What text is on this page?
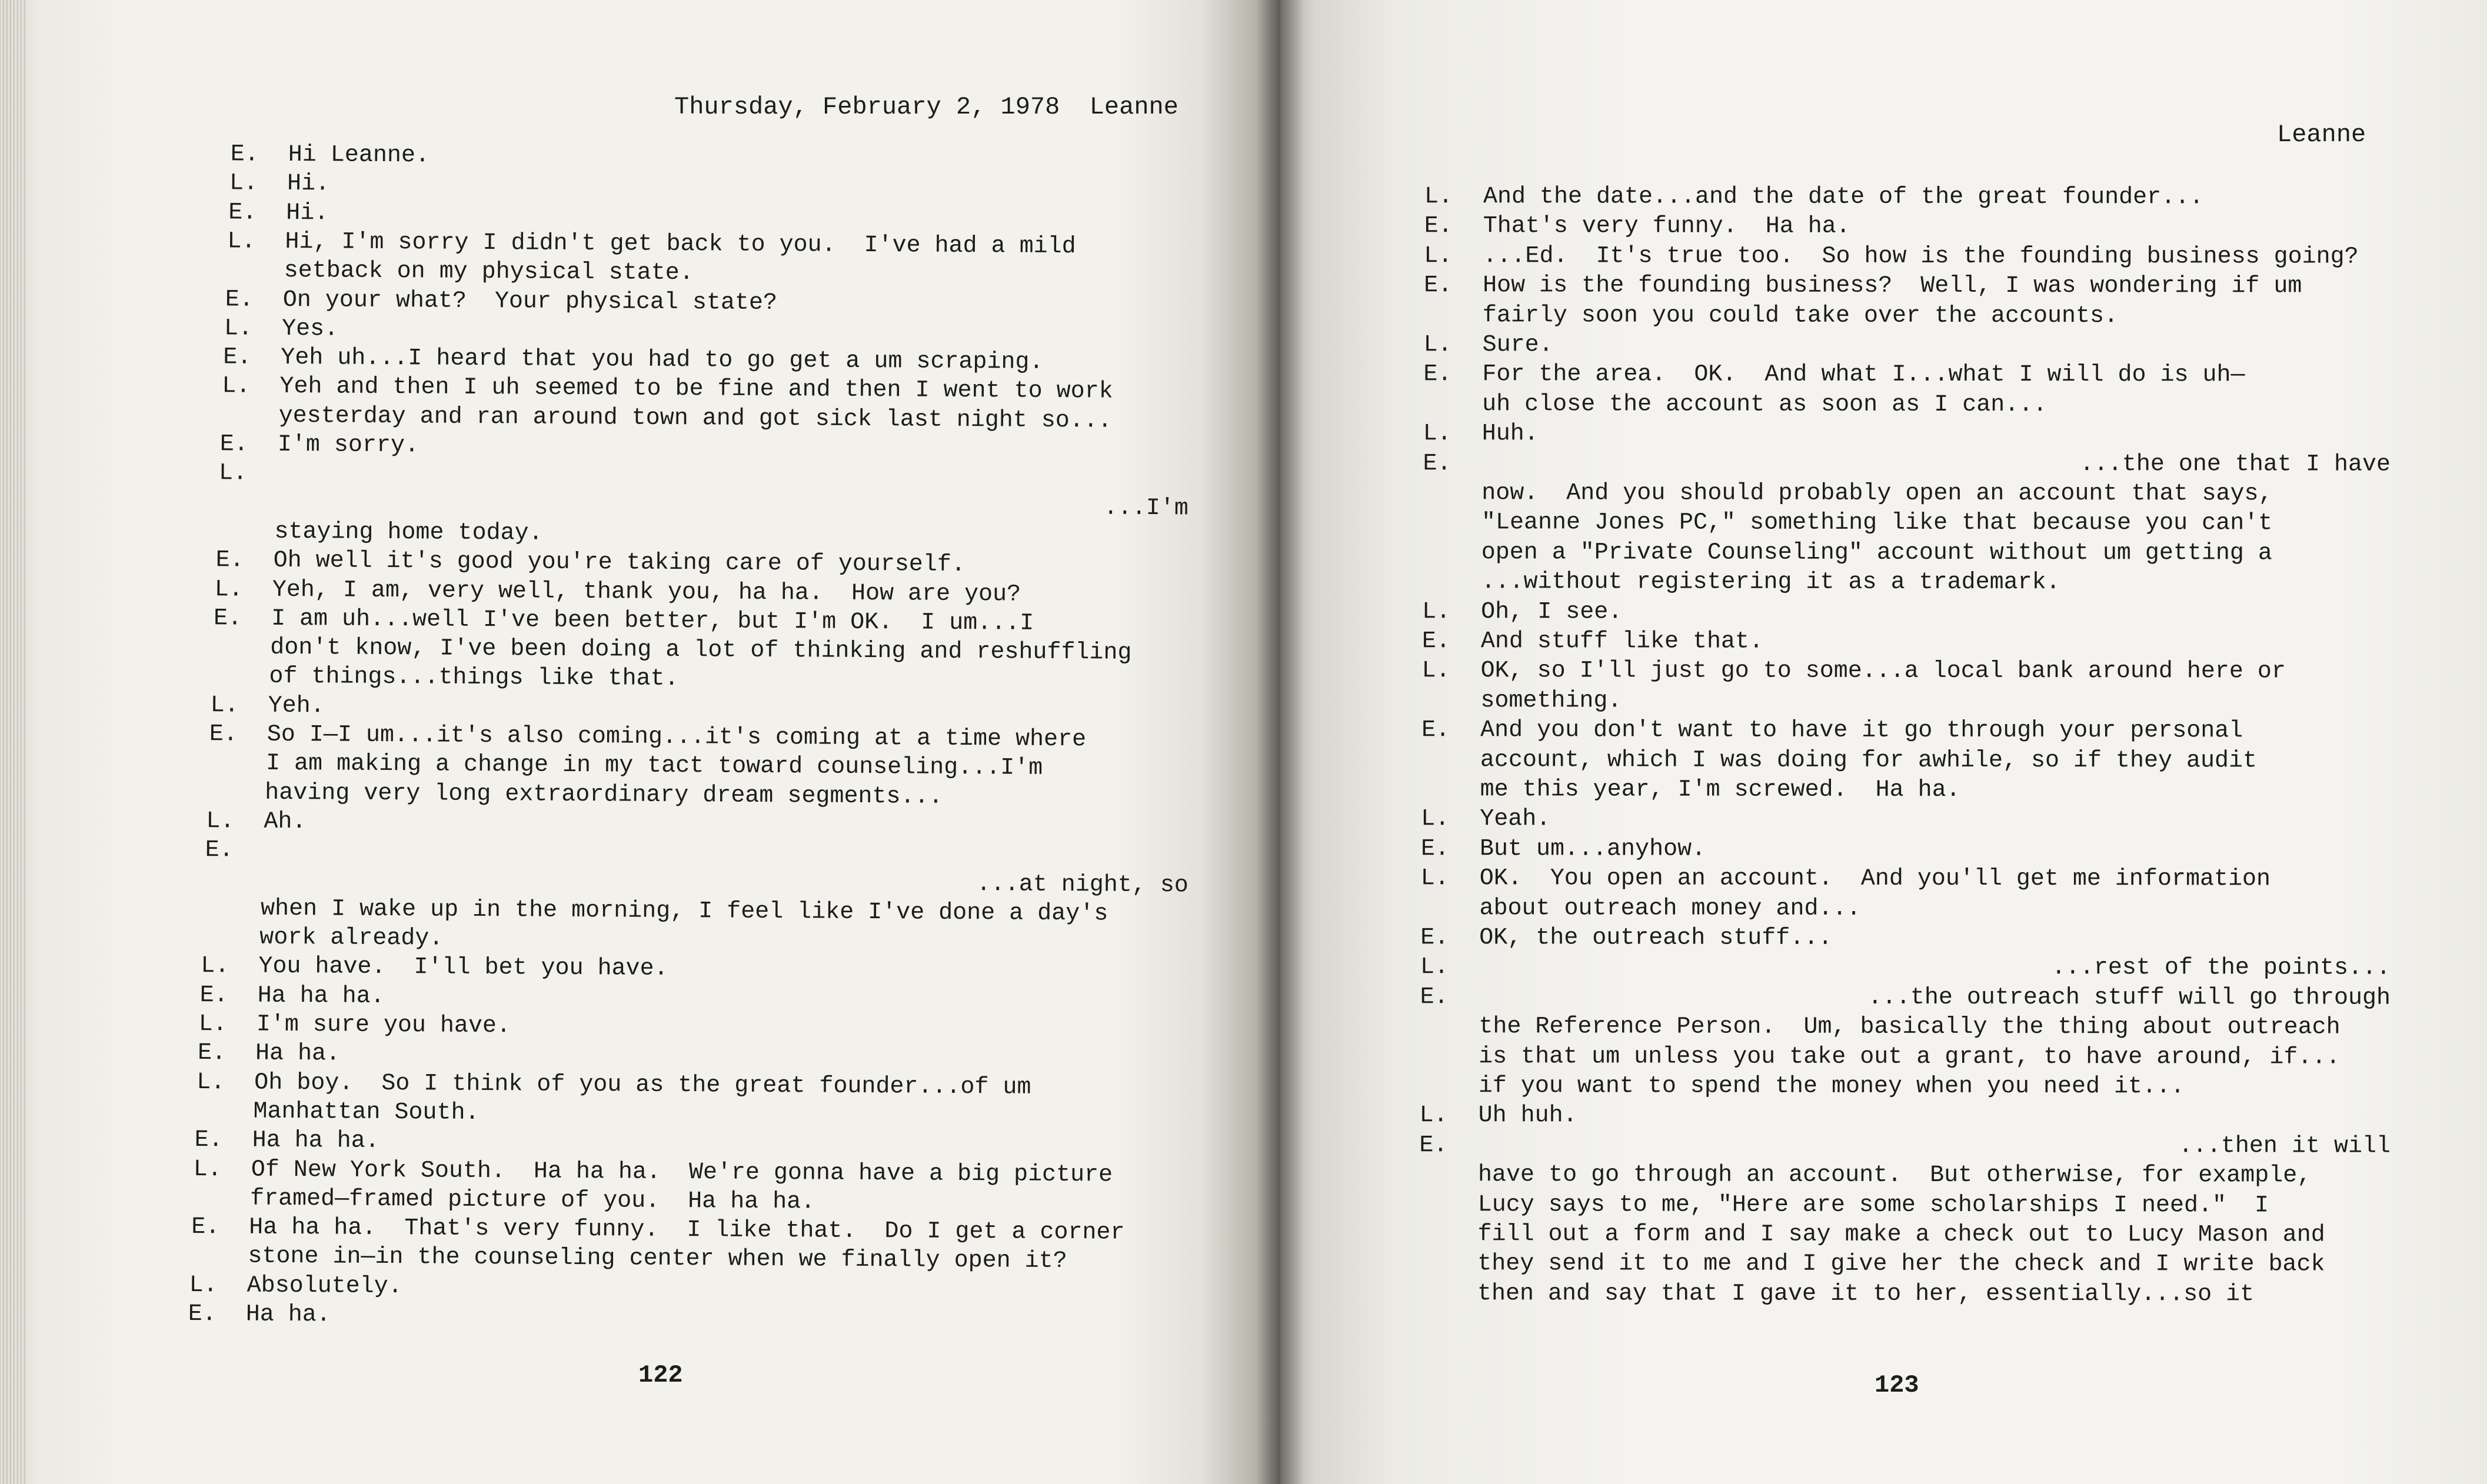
Thursday, February 2, 1978  Leanne
E. Hi Leanne.
L. Hi.
E. Hi.
L. Hi, I'm sorry I didn't get back to you.  I've had a mild
setback on my physical state.
E. On your what?  Your physical state?
L. Yes.
E. Yeh uh...I heard that you had to go get a um scraping.
L. Yeh and then I uh seemed to be fine and then I went to work
yesterday and ran around town and got sick last night so...
E. I'm sorry.
L.
...I'm
staying home today.
E. Oh well it's good you're taking care of yourself.
L. Yeh, I am, very well, thank you, ha ha.  How are you?
E. I am uh...well I've been better, but I'm OK.  I um...I
don't know, I've been doing a lot of thinking and reshuffling
of things...things like that.
L. Yeh.
E. So I—I um...it's also coming...it's coming at a time where
I am making a change in my tact toward counseling...I'm
having very long extraordinary dream segments...
L. Ah.
E.
...at night, so
when I wake up in the morning, I feel like I've done a day's
work already.
L. You have.  I'll bet you have.
E. Ha ha ha.
L. I'm sure you have.
E. Ha ha.
L. Oh boy.  So I think of you as the great founder...of um
Manhattan South.
E. Ha ha ha.
L. Of New York South.  Ha ha ha.  We're gonna have a big picture
framed—framed picture of you.  Ha ha ha.
E. Ha ha ha.  That's very funny.  I like that.  Do I get a corner
stone in—in the counseling center when we finally open it?
L. Absolutely.
E. Ha ha.
122
Leanne
L. And the date...and the date of the great founder...
E. That's very funny.  Ha ha.
L. ...Ed.  It's true too.  So how is the founding business going?
E. How is the founding business?  Well, I was wondering if um
fairly soon you could take over the accounts.
L. Sure.
E. For the area.  OK.  And what I...what I will do is uh—
uh close the account as soon as I can...
L. Huh.
E.	...the one that I have
now.  And you should probably open an account that says,
"Leanne Jones PC," something like that because you can't
open a "Private Counseling" account without um getting a
...without registering it as a trademark.
L. Oh, I see.
E. And stuff like that.
L. OK, so I'll just go to some...a local bank around here or
something.
E. And you don't want to have it go through your personal
account, which I was doing for awhile, so if they audit
me this year, I'm screwed.  Ha ha.
L. Yeah.
E. But um...anyhow.
L. OK.  You open an account.  And you'll get me information
about outreach money and...
E. OK, the outreach stuff...
L.	...rest of the points...
E.	...the outreach stuff will go through
the Reference Person.  Um, basically the thing about outreach
is that um unless you take out a grant, to have around, if...
if you want to spend the money when you need it...
L. Uh huh.
E.	...then it will
have to go through an account.  But otherwise, for example,
Lucy says to me, "Here are some scholarships I need."  I
fill out a form and I say make a check out to Lucy Mason and
they send it to me and I give her the check and I write back
then and say that I gave it to her, essentially...so it
123
